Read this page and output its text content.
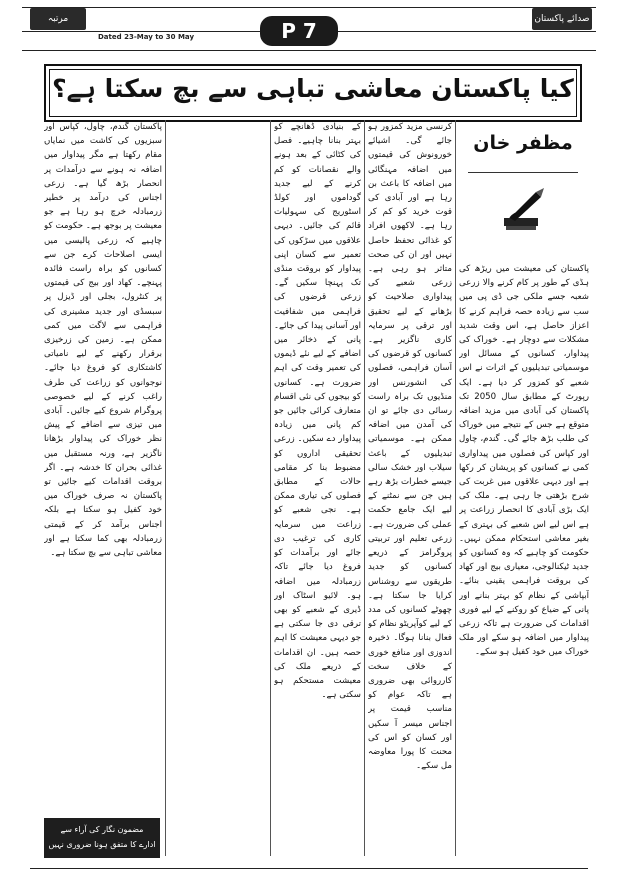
مرتبہ	صدائے پاکستان
Dated 23-May to 30 May	P 7
کیا پاکستان معاشی تباہی سے بچ سکتا ہے؟
مظفر خان

پاکستان کی معیشت میں ریڑھ کی ہڈی کے طور پر کام کرنے والا زرعی شعبہ جسے ملکی جی ڈی پی میں سب سے زیادہ حصہ فراہم کرنے کا اعزاز حاصل ہے، اس وقت شدید مشکلات سے دوچار ہے۔ خوراک کی پیداوار، کسانوں کے مسائل اور موسمیاتی تبدیلیوں کے اثرات نے اس شعبے کو کمزور کر دیا ہے۔ ایک رپورٹ کے مطابق سال 2050 تک پاکستان کی آبادی میں مزید اضافہ متوقع ہے جس کے نتیجے میں خوراک کی طلب بڑھ جائے گی۔ گندم، چاول اور کپاس کی فصلوں میں پیداواری کمی نے کسانوں کو پریشان کر رکھا ہے اور دیہی علاقوں میں غربت کی شرح بڑھتی جا رہی ہے۔ ملک کی ایک بڑی آبادی کا انحصار زراعت پر ہے اس لیے اس شعبے کی بہتری کے بغیر معاشی استحکام ممکن نہیں۔ حکومت کو چاہیے کہ وہ کسانوں کو جدید ٹیکنالوجی، معیاری بیج اور کھاد کی بروقت فراہمی یقینی بنائے۔ آبپاشی کے نظام کو بہتر بنانے اور پانی کے ضیاع کو روکنے کے لیے فوری اقدامات کی ضرورت ہے تاکہ زرعی پیداوار میں اضافہ ہو سکے اور ملک خوراک میں خود کفیل ہو سکے۔

کرنسی مزید کمزور ہو جائے گی۔ اشیائے خورونوش کی قیمتوں میں اضافہ مہنگائی میں اضافہ کا باعث بن رہا ہے اور آبادی کی قوت خرید کو کم کر رہا ہے۔ لاکھوں افراد کو غذائی تحفظ حاصل نہیں اور ان کی صحت متاثر ہو رہی ہے۔ زرعی شعبے کی پیداواری صلاحیت کو بڑھانے کے لیے تحقیق اور ترقی پر سرمایہ کاری ناگزیر ہے۔ کسانوں کو قرضوں کی آسان فراہمی، فصلوں کی انشورنس اور منڈیوں تک براہ راست رسائی دی جائے تو ان کی آمدن میں اضافہ ممکن ہے۔ موسمیاتی تبدیلیوں کے باعث سیلاب اور خشک سالی جیسے خطرات بڑھ رہے ہیں جن سے نمٹنے کے لیے ایک جامع حکمت عملی کی ضرورت ہے۔ زرعی تعلیم اور تربیتی پروگرامز کے ذریعے کسانوں کو جدید طریقوں سے روشناس کرایا جا سکتا ہے۔ چھوٹے کسانوں کی مدد کے لیے کوآپریٹو نظام کو فعال بنانا ہوگا۔ ذخیرہ اندوزی اور منافع خوری کے خلاف سخت کارروائی بھی ضروری ہے تاکہ عوام کو مناسب قیمت پر اجناس میسر آ سکیں اور کسان کو اس کی محنت کا پورا معاوضہ مل سکے۔

کے بنیادی ڈھانچے کو بہتر بنانا چاہیے۔ فصل کی کٹائی کے بعد ہونے والے نقصانات کو کم کرنے کے لیے جدید گوداموں اور کولڈ اسٹوریج کی سہولیات قائم کی جائیں۔ دیہی علاقوں میں سڑکوں کی تعمیر سے کسان اپنی پیداوار کو بروقت منڈی تک پہنچا سکیں گے۔ زرعی قرضوں کی فراہمی میں شفافیت اور آسانی پیدا کی جائے۔ پانی کے ذخائر میں اضافے کے لیے نئے ڈیموں کی تعمیر وقت کی اہم ضرورت ہے۔ کسانوں کو بیجوں کی نئی اقسام متعارف کرائی جائیں جو کم پانی میں زیادہ پیداوار دے سکیں۔ زرعی تحقیقی اداروں کو مضبوط بنا کر مقامی حالات کے مطابق فصلوں کی تیاری ممکن ہے۔ نجی شعبے کو زراعت میں سرمایہ کاری کی ترغیب دی جائے اور برآمدات کو فروغ دیا جائے تاکہ زرمبادلہ میں اضافہ ہو۔ لائیو اسٹاک اور ڈیری کے شعبے کو بھی ترقی دی جا سکتی ہے جو دیہی معیشت کا اہم حصہ ہیں۔ ان اقدامات کے ذریعے ملک کی معیشت مستحکم ہو سکتی ہے۔

پاکستان گندم، چاول، کپاس اور سبزیوں کی کاشت میں نمایاں مقام رکھتا ہے مگر پیداوار میں اضافہ نہ ہونے سے درآمدات پر انحصار بڑھ گیا ہے۔ زرعی اجناس کی درآمد پر خطیر زرمبادلہ خرچ ہو رہا ہے جو معیشت پر بوجھ ہے۔ حکومت کو چاہیے کہ زرعی پالیسی میں ایسی اصلاحات کرے جن سے کسانوں کو براہ راست فائدہ پہنچے۔ کھاد اور بیج کی قیمتوں پر کنٹرول، بجلی اور ڈیزل پر سبسڈی اور جدید مشینری کی فراہمی سے لاگت میں کمی ممکن ہے۔ زمین کی زرخیزی برقرار رکھنے کے لیے نامیاتی کاشتکاری کو فروغ دیا جائے۔ نوجوانوں کو زراعت کی طرف راغب کرنے کے لیے خصوصی پروگرام شروع کیے جائیں۔ آبادی میں تیزی سے اضافے کے پیش نظر خوراک کی پیداوار بڑھانا ناگزیر ہے، ورنہ مستقبل میں غذائی بحران کا خدشہ ہے۔ اگر بروقت اقدامات کیے جائیں تو پاکستان نہ صرف خوراک میں خود کفیل ہو سکتا ہے بلکہ اجناس برآمد کر کے قیمتی زرمبادلہ بھی کما سکتا ہے اور معاشی تباہی سے بچ سکتا ہے۔

مضمون نگار کی آراء سے
ادارے کا متفق ہونا ضروری نہیں
